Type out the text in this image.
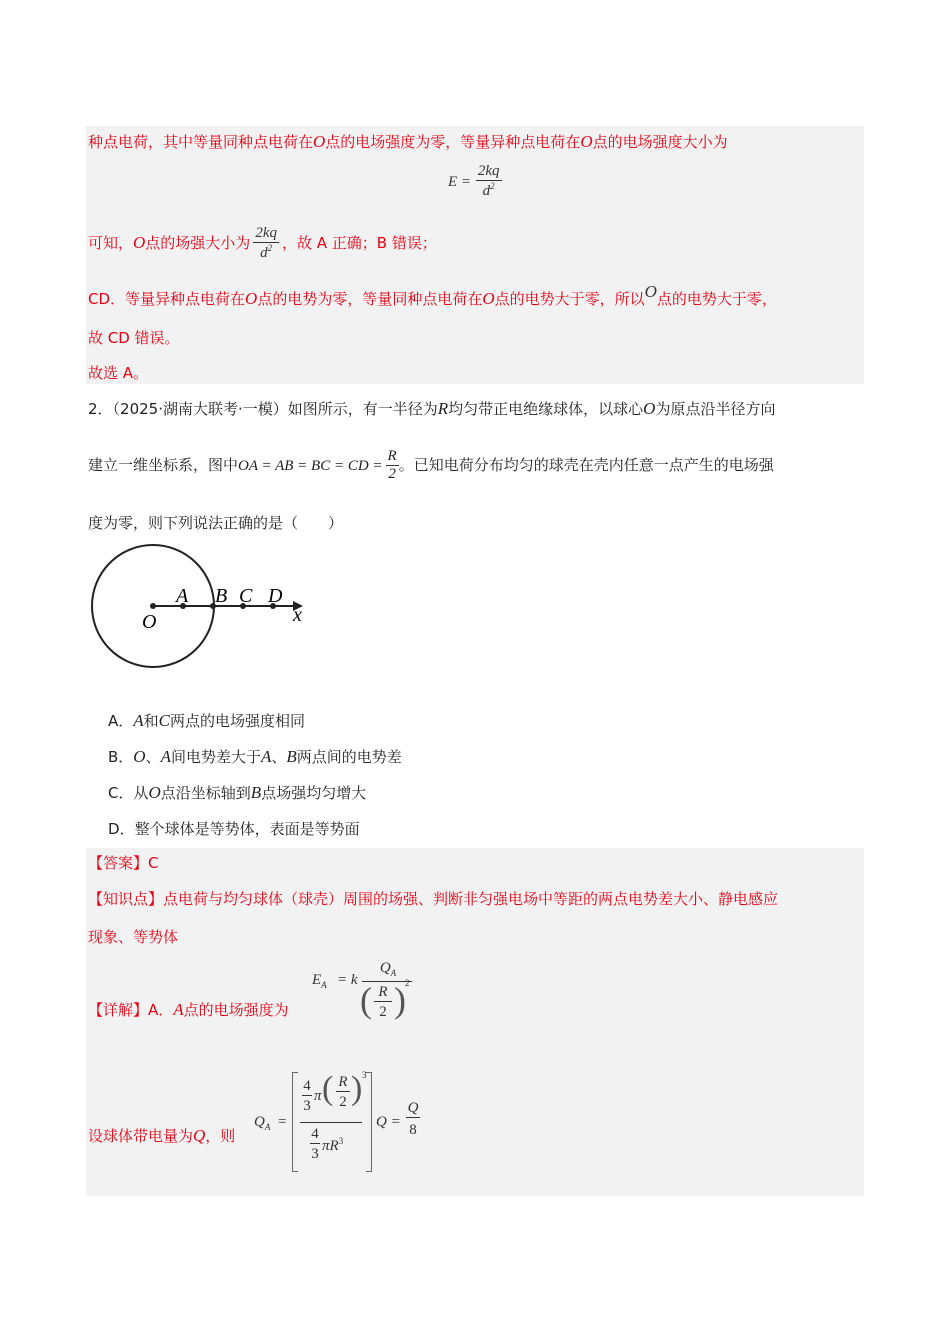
种点电荷，其中等量同种点电荷在O点的电场强度为零，等量异种点电荷在O点的电场强度大小为
$E = \frac{2kq}{d^2}$
可知，O点的场强大小为 $\frac{2kq}{d^2}$ ，故 A 正确；B 错误；
CD．等量异种点电荷在O点的电势为零，等量同种点电荷在O点的电势大于零，所以O点的电势大于零，
故 CD 错误。
故选 A。
2．（2025·湖南大联考·一模）如图所示，有一半径为R均匀带正电绝缘球体，以球心O为原点沿半径方向
建立一维坐标系，图中OA = AB = BC = CD = $\frac{R}{2}$ 。已知电荷分布均匀的球壳在壳内任意一点产生的电场强
度为零，则下列说法正确的是（　　）
O
A B C D
x
A．A和C两点的电场强度相同
B．O、A间电势差大于A、B两点间的电势差
C．从O点沿坐标轴到B点场强均匀增大
D．整个球体是等势体，表面是等势面
【答案】C
【知识点】点电荷与均匀球体（球壳）周围的场强、判断非匀强电场中等距的两点电势差大小、静电感应
现象、等势体
【详解】A．A点的电场强度为
$E_A = k$
$Q_A$
( R
2 ) 2
设球体带电量为Q，则
$Q_A$ =
4
3
π ( R
2 ) 3
4
3 $\pi R^3$
Q =
Q
8
